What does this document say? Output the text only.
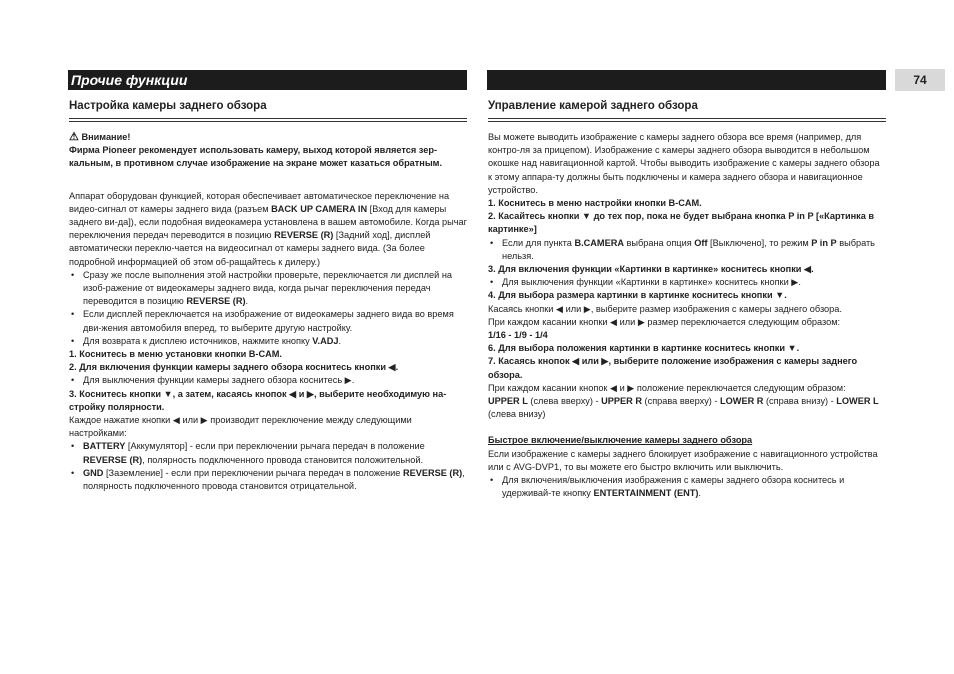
Прочие функции	74
Настройка камеры заднего обзора

⚠ Внимание!

Фирма Pioneer рекомендует использовать камеру, выход которой является зер-кальным, в противном случае изображение на экране может казаться обратным.

Аппарат оборудован функцией, которая обеспечивает автоматическое переключение на видео-сигнал от камеры заднего вида (разъем BACK UP CAMERA IN [Вход для камеры заднего ви-да]), если подобная видеокамера установлена в вашем автомобиле. Когда рычаг переключения передач переводится в позицию REVERSE (R) [Задний ход], дисплей автоматически переклю-чается на видеосигнал от камеры заднего вида. (За более подробной информацией об этом об-ращайтесь к дилеру.)

• Сразу же после выполнения этой настройки проверьте, переключается ли дисплей на изоб-ражение от видеокамеры заднего вида, когда рычаг переключения передач переводится в позицию REVERSE (R).

• Если дисплей переключается на изображение от видеокамеры заднего вида во время дви-жения автомобиля вперед, то выберите другую настройку.

• Для возврата к дисплею источников, нажмите кнопку V.ADJ.

1. Коснитесь в меню установки кнопки B-CAM.

2. Для включения функции камеры заднего обзора коснитесь кнопки ◀.

• Для выключения функции камеры заднего обзора коснитесь ▶.

3. Коснитесь кнопки ▼, а затем, касаясь кнопок ◀ и ▶, выберите необходимую на-стройку полярности.

Каждое нажатие кнопки ◀ или ▶ производит переключение между следующими настройками:

• BATTERY [Аккумулятор] - если при переключении рычага передач в положение REVERSE (R), полярность подключенного провода становится положительной.

• GND [Заземление] - если при переключении рычага передач в положение REVERSE (R), полярность подключенного провода становится отрицательной.

Управление камерой заднего обзора

Вы можете выводить изображение с камеры заднего обзора все время (например, для контро-ля за прицепом). Изображение с камеры заднего обзора выводится в небольшом окошке над навигационной картой. Чтобы выводить изображение с камеры заднего обзора к этому аппара-ту должны быть подключены и камера заднего обзора и навигационное устройство.

1. Коснитесь в меню настройки кнопки B-CAM.

2. Касайтесь кнопки ▼ до тех пор, пока не будет выбрана кнопка P in P [«Картинка в картинке»]

• Если для пункта B.CAMERA выбрана опция Off [Выключено], то режим P in P выбрать нельзя.

3. Для включения функции «Картинки в картинке» коснитесь кнопки ◀.

• Для выключения функции «Картинки в картинке» коснитесь кнопки ▶.

4. Для выбора размера картинки в картинке коснитесь кнопки ▼.

Касаясь кнопки ◀ или ▶, выберите размер изображения с камеры заднего обзора.

При каждом касании кнопки ◀ или ▶ размер переключается следующим образом:

1/16 - 1/9 - 1/4

6. Для выбора положения картинки в картинке коснитесь кнопки ▼.

7. Касаясь кнопок ◀ или ▶, выберите положение изображения с камеры заднего обзора.

При каждом касании кнопок ◀ и ▶ положение переключается следующим образом:

UPPER L (слева вверху) - UPPER R (справа вверху) - LOWER R (справа внизу) - LOWER L (слева внизу)

Быстрое включение/выключение камеры заднего обзора

Если изображение с камеры заднего блокирует изображение с навигационного устройства или с AVG-DVP1, то вы можете его быстро включить или выключить.

• Для включения/выключения изображения с камеры заднего обзора коснитесь и удерживай-те кнопку ENTERTAINMENT (ENT).
